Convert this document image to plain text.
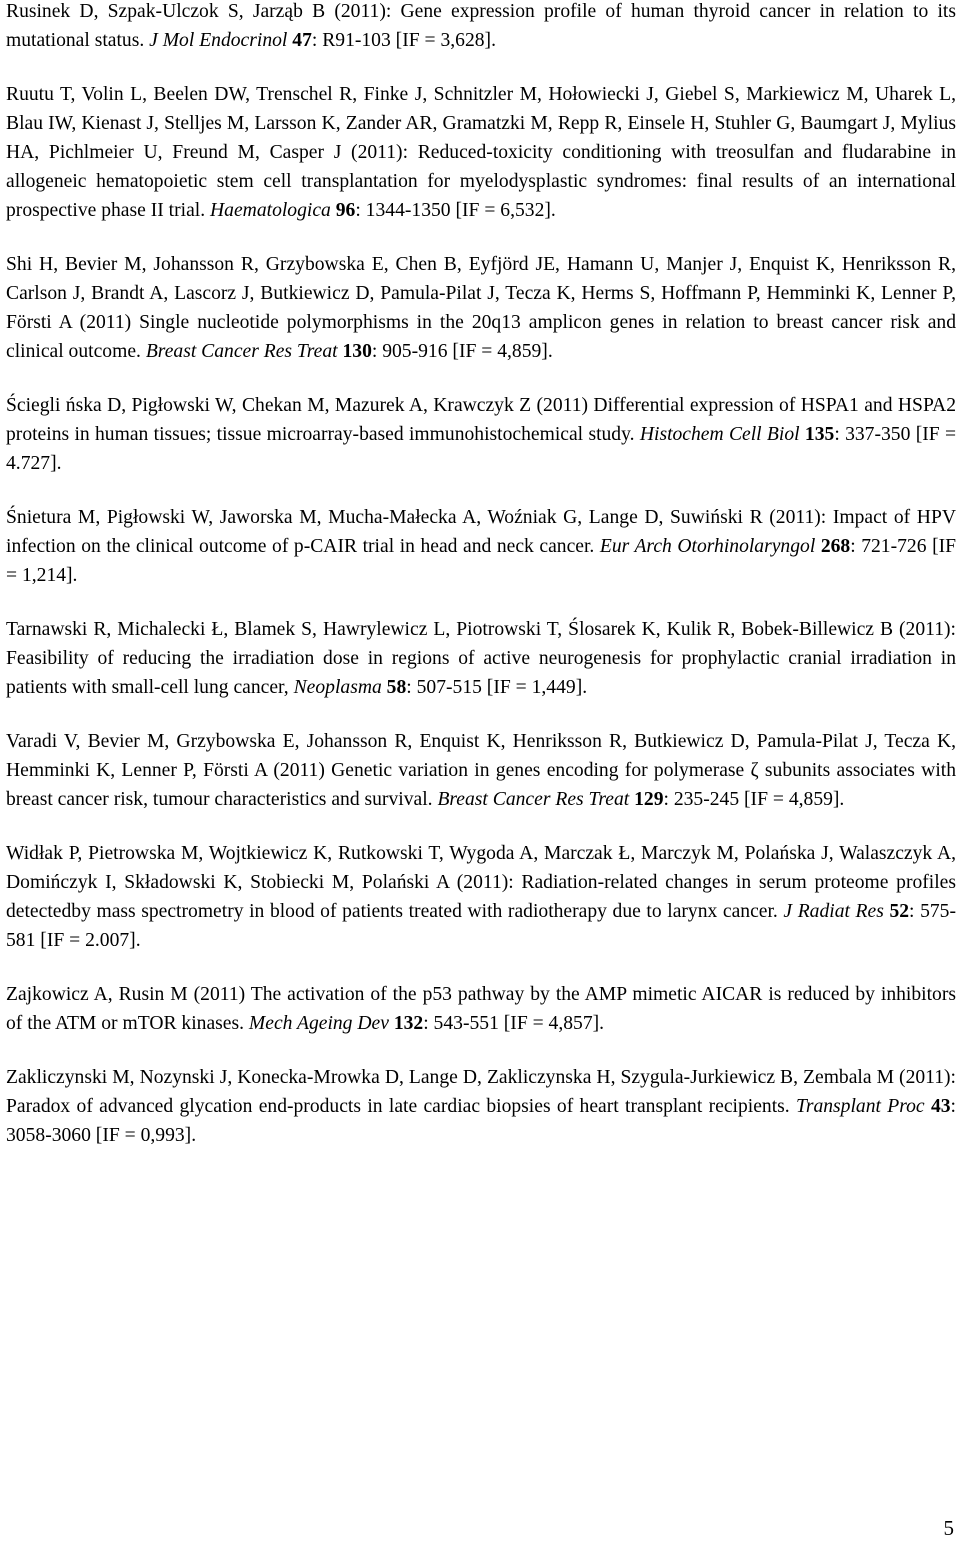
Rusinek D, Szpak-Ulczok S, Jarząb B (2011): Gene expression profile of human thyroid cancer in relation to its mutational status. J Mol Endocrinol 47: R91-103 [IF = 3,628].

Ruutu T, Volin L, Beelen DW, Trenschel R, Finke J, Schnitzler M, Hołowiecki J, Giebel S, Markiewicz M, Uharek L, Blau IW, Kienast J, Stelljes M, Larsson K, Zander AR, Gramatzki M, Repp R, Einsele H, Stuhler G, Baumgart J, Mylius HA, Pichlmeier U, Freund M, Casper J (2011): Reduced-toxicity conditioning with treosulfan and fludarabine in allogeneic hematopoietic stem cell transplantation for myelodysplastic syndromes: final results of an international prospective phase II trial. Haematologica 96: 1344-1350 [IF = 6,532].

Shi H, Bevier M, Johansson R, Grzybowska E, Chen B, Eyfjörd JE, Hamann U, Manjer J, Enquist K, Henriksson R, Carlson J, Brandt A, Lascorz J, Butkiewicz D, Pamula-Pilat J, Tecza K, Herms S, Hoffmann P, Hemminki K, Lenner P, Försti A (2011) Single nucleotide polymorphisms in the 20q13 amplicon genes in relation to breast cancer risk and clinical outcome. Breast Cancer Res Treat 130: 905-916 [IF = 4,859].

Ściegli ńska D, Pigłowski W, Chekan M, Mazurek A, Krawczyk Z (2011) Differential expression of HSPA1 and HSPA2 proteins in human tissues; tissue microarray-based immunohistochemical study. Histochem Cell Biol 135: 337-350 [IF = 4.727].

Śnietura M, Pigłowski W, Jaworska M, Mucha-Małecka A, Woźniak G, Lange D, Suwiński R (2011): Impact of HPV infection on the clinical outcome of p-CAIR trial in head and neck cancer. Eur Arch Otorhinolaryngol 268: 721-726 [IF = 1,214].

Tarnawski R, Michalecki Ł, Blamek S, Hawrylewicz L, Piotrowski T, Ślosarek K, Kulik R, Bobek-Billewicz B (2011): Feasibility of reducing the irradiation dose in regions of active neurogenesis for prophylactic cranial irradiation in patients with small-cell lung cancer, Neoplasma 58: 507-515 [IF = 1,449].

Varadi V, Bevier M, Grzybowska E, Johansson R, Enquist K, Henriksson R, Butkiewicz D, Pamula-Pilat J, Tecza K, Hemminki K, Lenner P, Försti A (2011) Genetic variation in genes encoding for polymerase ζ subunits associates with breast cancer risk, tumour characteristics and survival. Breast Cancer Res Treat 129: 235-245 [IF = 4,859].

Widłak P, Pietrowska M, Wojtkiewicz K, Rutkowski T, Wygoda A, Marczak Ł, Marczyk M, Polańska J, Walaszczyk A, Domińczyk I, Składowski K, Stobiecki M, Polański A (2011): Radiation-related changes in serum proteome profiles detectedby mass spectrometry in blood of patients treated with radiotherapy due to larynx cancer. J Radiat Res 52: 575-581 [IF = 2.007].

Zajkowicz A, Rusin M (2011) The activation of the p53 pathway by the AMP mimetic AICAR is reduced by inhibitors of the ATM or mTOR kinases. Mech Ageing Dev 132: 543-551 [IF = 4,857].

Zakliczynski M, Nozynski J, Konecka-Mrowka D, Lange D, Zakliczynska H, Szygula-Jurkiewicz B, Zembala M (2011): Paradox of advanced glycation end-products in late cardiac biopsies of heart transplant recipients. Transplant Proc 43: 3058-3060 [IF = 0,993].

5
